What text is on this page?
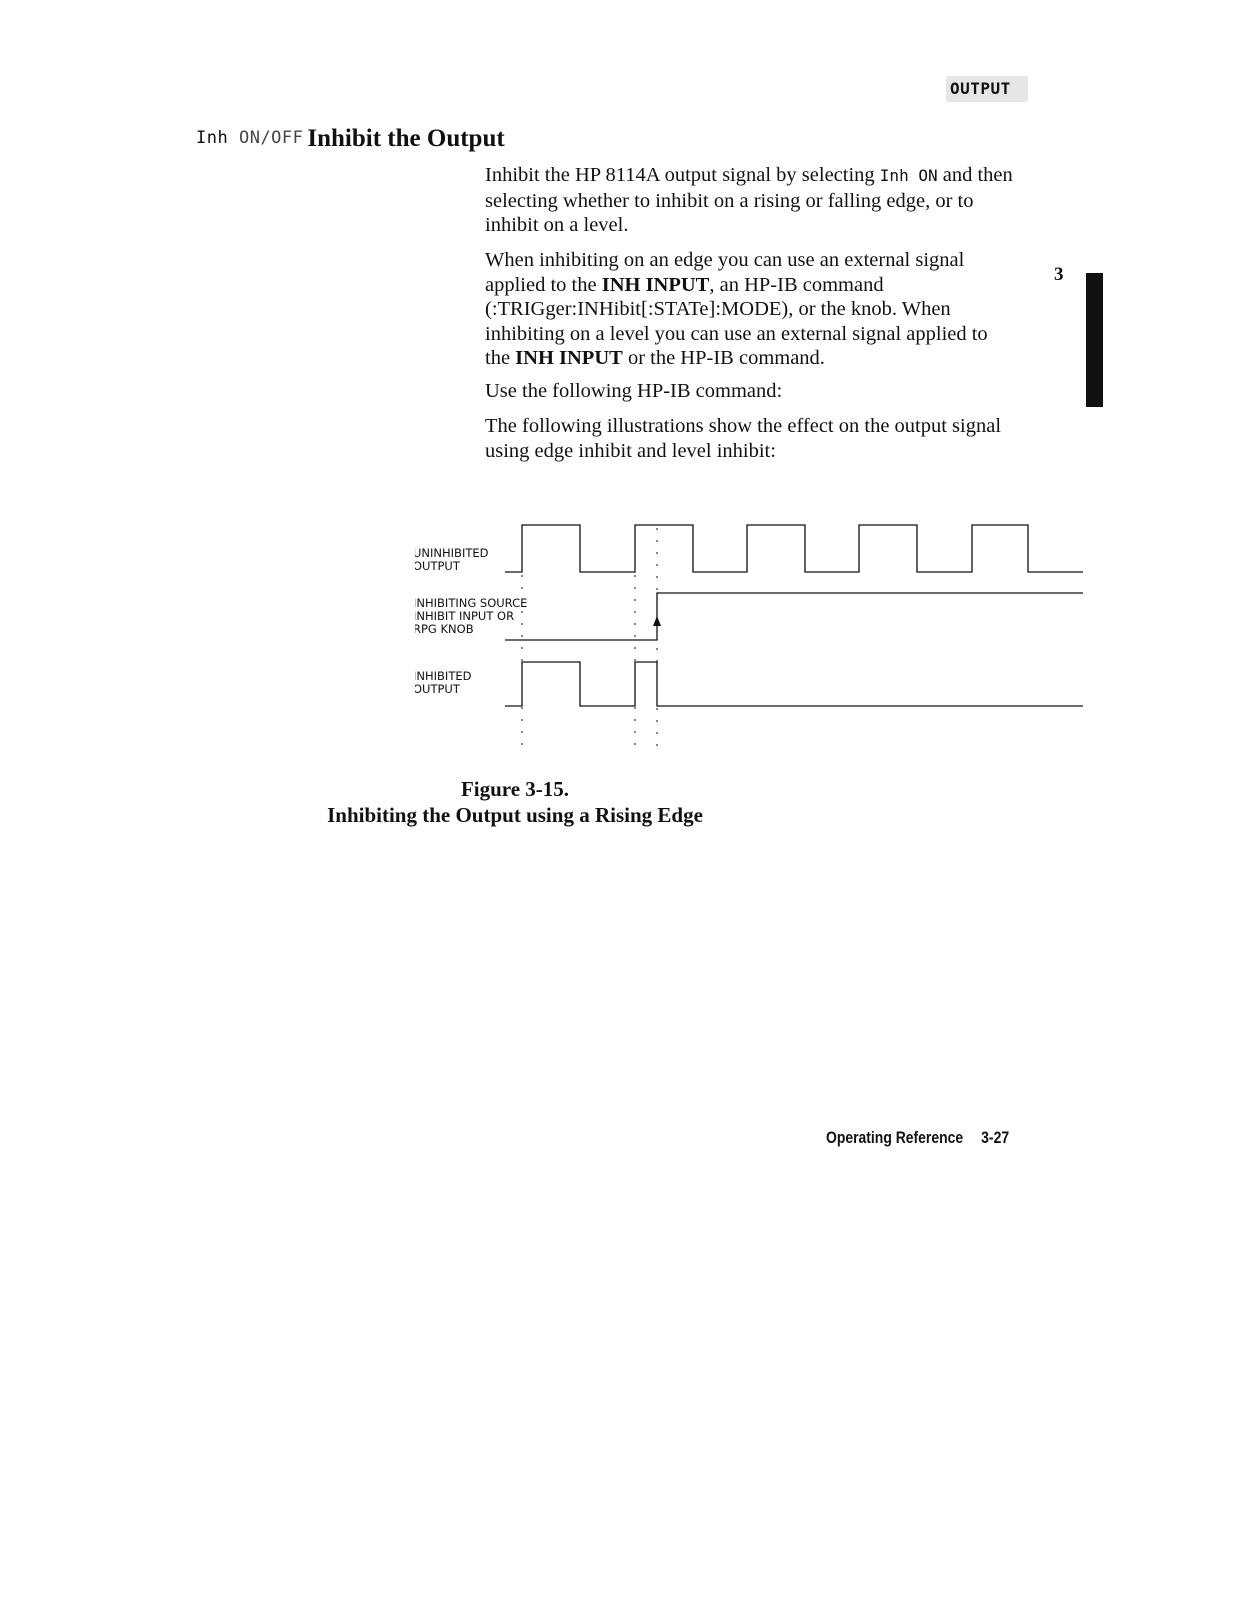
OUTPUT
Inh ON/OFF Inhibit the Output

Inhibit the HP 8114A output signal by selecting Inh ON and then selecting whether to inhibit on a rising or falling edge, or to inhibit on a level.

When inhibiting on an edge you can use an external signal applied to the INH INPUT, an HP-IB command (:TRIGger:INHibit[:STATe]:MODE), or the knob. When inhibiting on a level you can use an external signal applied to the INH INPUT or the HP-IB command.

Use the following HP-IB command:

The following illustrations show the effect on the output signal using edge inhibit and level inhibit:

3
UNINHIBITED
OUTPUT
INHIBITING SOURCE
INHIBIT INPUT OR
RPG KNOB
INHIBITED
OUTPUT
Figure 3-15.
Inhibiting the Output using a Rising Edge
Operating Reference 3-27
